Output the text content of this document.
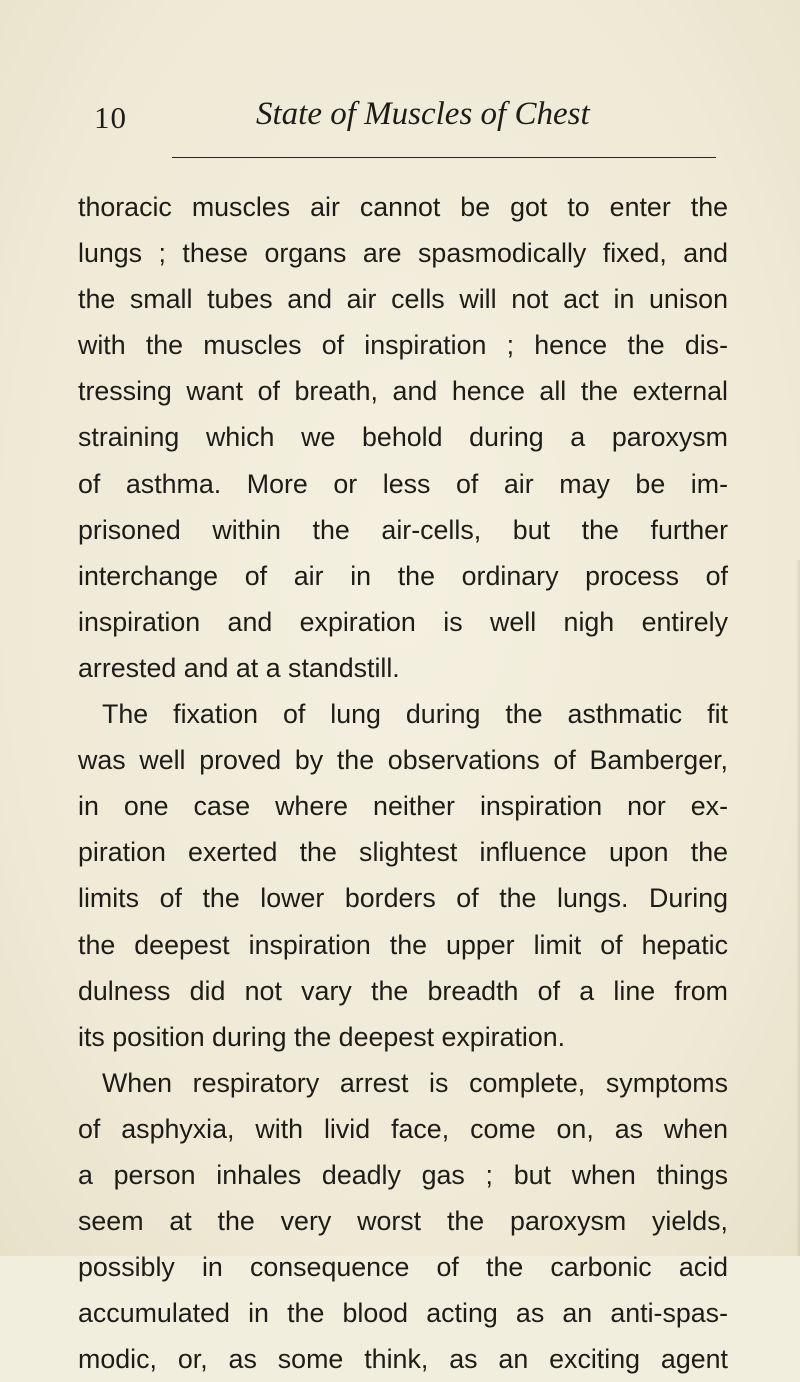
10	State of Muscles of Chest
thoracic muscles air cannot be got to enter the
lungs ; these organs are spasmodically fixed, and
the small tubes and air cells will not act in unison
with the muscles of inspiration ; hence the dis-
tressing want of breath, and hence all the external
straining which we behold during a paroxysm
of asthma. More or less of air may be im-
prisoned within the air-cells, but the further
interchange of air in the ordinary process of
inspiration and expiration is well nigh entirely
arrested and at a standstill.
The fixation of lung during the asthmatic fit
was well proved by the observations of Bamberger,
in one case where neither inspiration nor ex-
piration exerted the slightest influence upon the
limits of the lower borders of the lungs. During
the deepest inspiration the upper limit of hepatic
dulness did not vary the breadth of a line from
its position during the deepest expiration.
When respiratory arrest is complete, symptoms
of asphyxia, with livid face, come on, as when
a person inhales deadly gas ; but when things
seem at the very worst the paroxysm yields,
possibly in consequence of the carbonic acid
accumulated in the blood acting as an anti-spas-
modic, or, as some think, as an exciting agent
